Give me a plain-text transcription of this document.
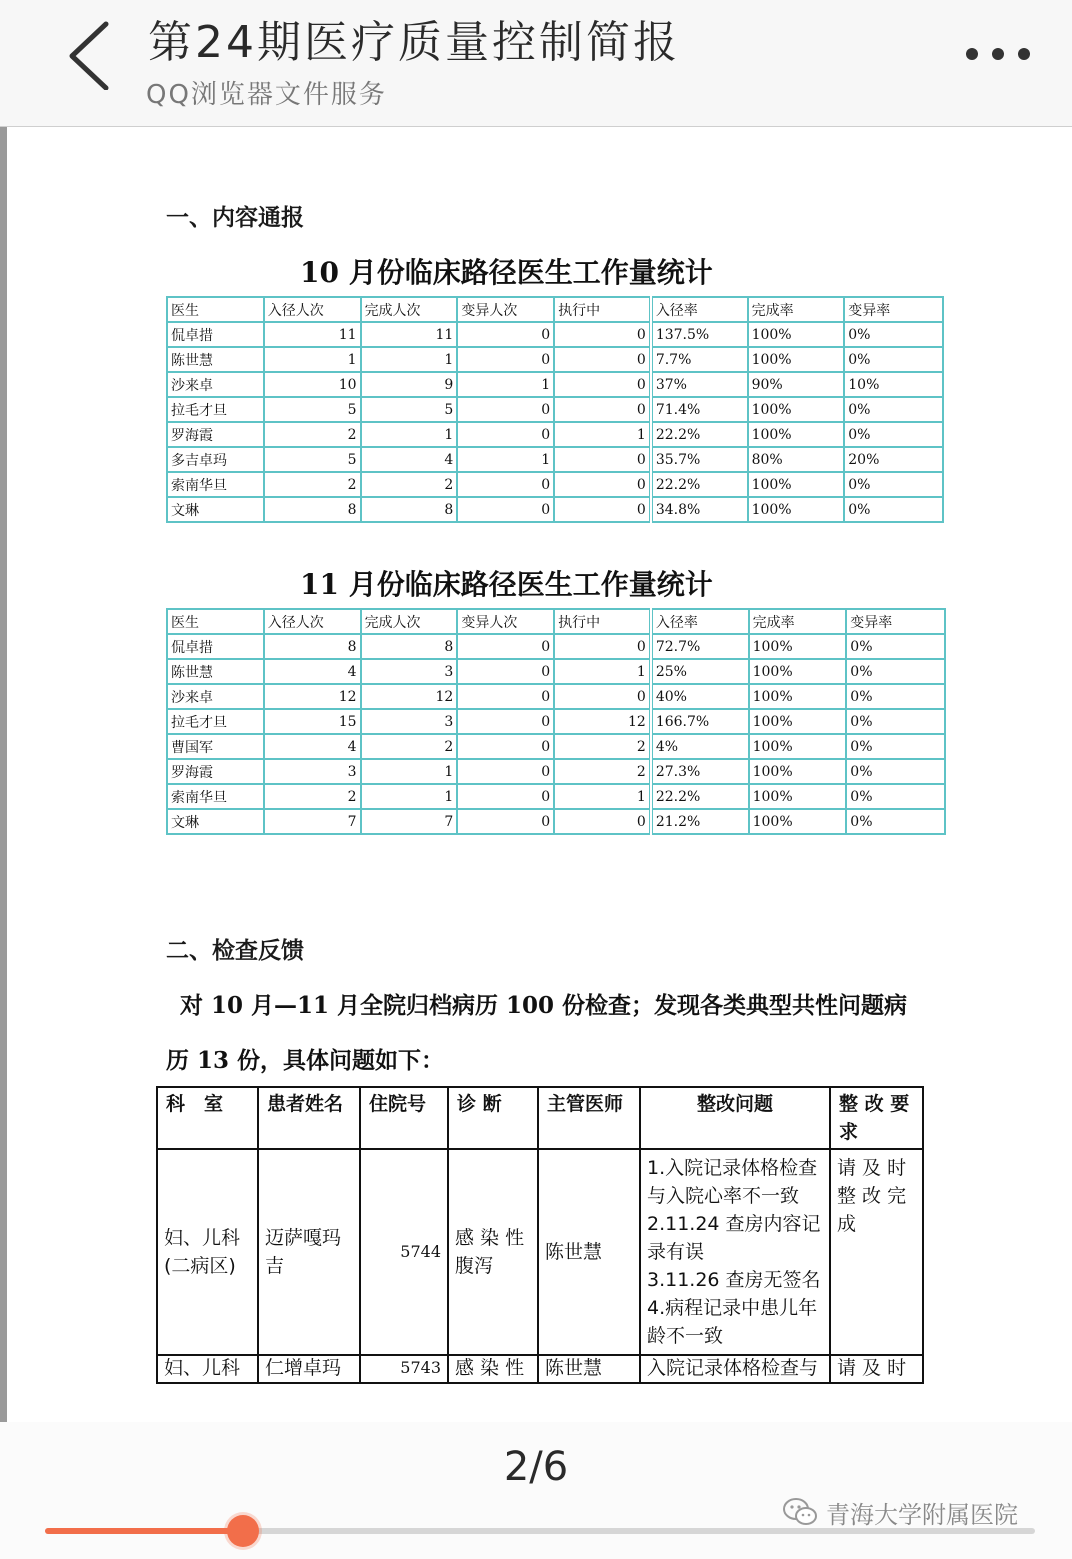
第24期医疗质量控制简报
QQ浏览器文件服务
一、内容通报
10 月份临床路径医生工作量统计
医生	入径人次	完成人次	变异人次	执行中	入径率	完成率	变异率
侃卓措	11	11	0	0	137.5%	100%	0%
陈世慧	1	1	0	0	7.7%	100%	0%
沙来卓	10	9	1	0	37%	90%	10%
拉毛才旦	5	5	0	0	71.4%	100%	0%
罗海霞	2	1	0	1	22.2%	100%	0%
多吉卓玛	5	4	1	0	35.7%	80%	20%
索南华旦	2	2	0	0	22.2%	100%	0%
文琳	8	8	0	0	34.8%	100%	0%
11 月份临床路径医生工作量统计
医生	入径人次	完成人次	变异人次	执行中	入径率	完成率	变异率
侃卓措	8	8	0	0	72.7%	100%	0%
陈世慧	4	3	0	1	25%	100%	0%
沙来卓	12	12	0	0	40%	100%	0%
拉毛才旦	15	3	0	12	166.7%	100%	0%
曹国军	4	2	0	2	4%	100%	0%
罗海霞	3	1	0	2	27.3%	100%	0%
索南华旦	2	1	0	1	22.2%	100%	0%
文琳	7	7	0	0	21.2%	100%	0%
二、检查反馈
对 10 月—11 月全院归档病历 100 份检查；发现各类典型共性问题病
历 13 份，具体问题如下：
科　室	患者姓名	住院号	诊 断	主管医师	整改问题	整 改 要 求
妇、儿科(二病区)	迈萨嘎玛吉	5744	感 染 性 腹泻	陈世慧	1.入院记录体格检查与入院心率不一致
2.11.24 查房内容记录有误
3.11.26 查房无签名
4.病程记录中患儿年龄不一致	请 及 时 整 改 完 成
妇、儿科	仁增卓玛	5743	感 染 性	陈世慧	入院记录体格检查与	请 及 时
2/6
青海大学附属医院
